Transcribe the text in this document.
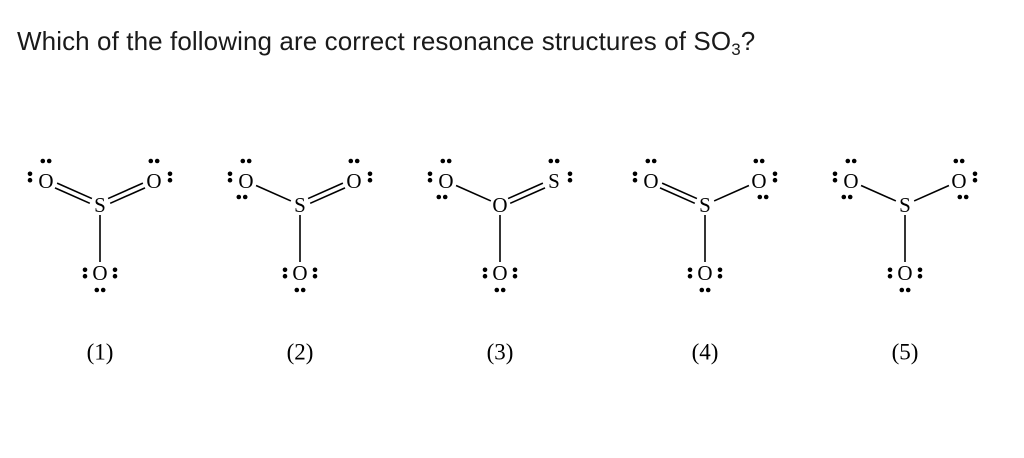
Which of the following are correct resonance structures of $SO_3$?
S
O	O
O
(1)
S
O	O
O
(2)
O
O	S
O
(3)
S
O	O
O
(4)
S
O	O
O
(5)
